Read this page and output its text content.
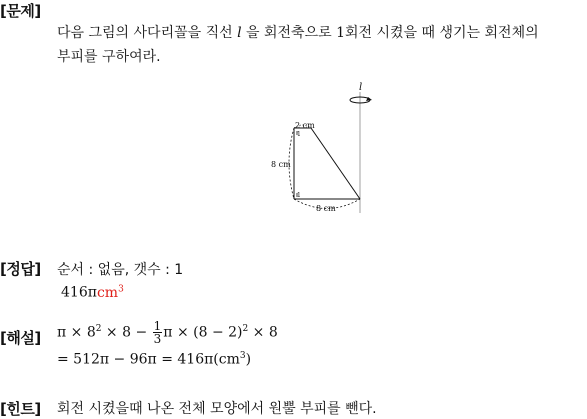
[문제]
다음 그림의 사다리꼴을 직선 l 을 회전축으로 1회전 시켰을 때 생기는 회전체의
부피를 구하여라.
l
2 cm
8 cm
8 cm
1
1
[정답] 순서 : 없음, 갯수 : 1
416πcm$^3$
[해설] $\pi \times 8^2 \times 8 - \frac{1}{3}$ $\pi \times (8 - 2)^2 \times 8$
= $512\pi - 96\pi = 416\pi(cm^3)$
[힌트] 회전 시켰을때 나온 전체 모양에서 원뿔 부피를 뺀다.
